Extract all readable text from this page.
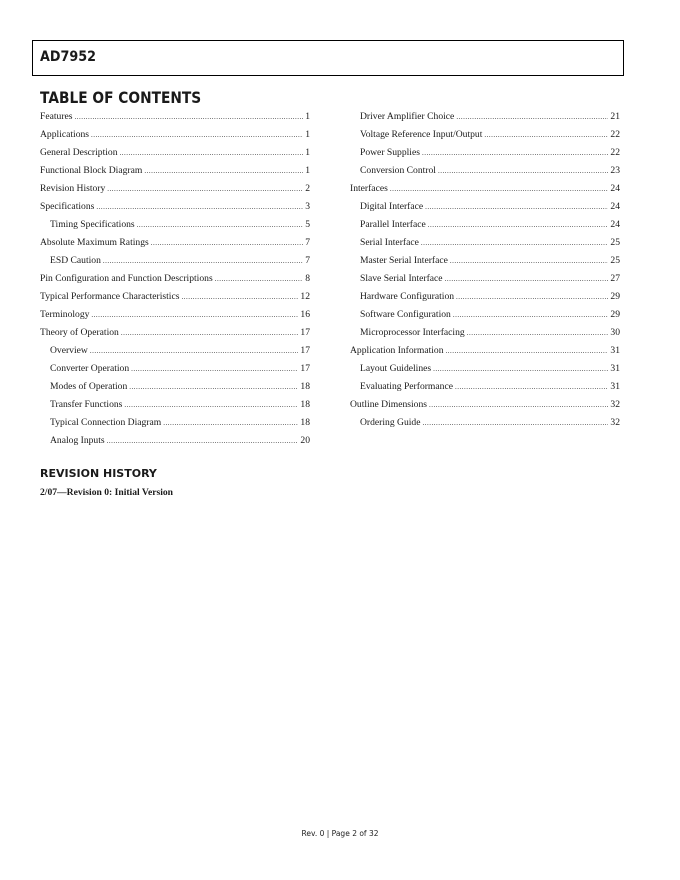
AD7952
TABLE OF CONTENTS
Features .....	1
Applications .....	1
General Description .....	1
Functional Block Diagram .....	1
Revision History .....	2
Specifications .....	3
Timing Specifications .....	5
Absolute Maximum Ratings .....	7
ESD Caution .....	7
Pin Configuration and Function Descriptions .....	8
Typical Performance Characteristics .....	12
Terminology .....	16
Theory of Operation .....	17
Overview .....	17
Converter Operation .....	17
Modes of Operation .....	18
Transfer Functions .....	18
Typical Connection Diagram .....	18
Analog Inputs .....	20
Driver Amplifier Choice .....	21
Voltage Reference Input/Output .....	22
Power Supplies .....	22
Conversion Control .....	23
Interfaces .....	24
Digital Interface .....	24
Parallel Interface .....	24
Serial Interface .....	25
Master Serial Interface .....	25
Slave Serial Interface .....	27
Hardware Configuration .....	29
Software Configuration .....	29
Microprocessor Interfacing .....	30
Application Information .....	31
Layout Guidelines .....	31
Evaluating Performance .....	31
Outline Dimensions .....	32
Ordering Guide .....	32
REVISION HISTORY
2/07—Revision 0: Initial Version
Rev. 0 | Page 2 of 32
